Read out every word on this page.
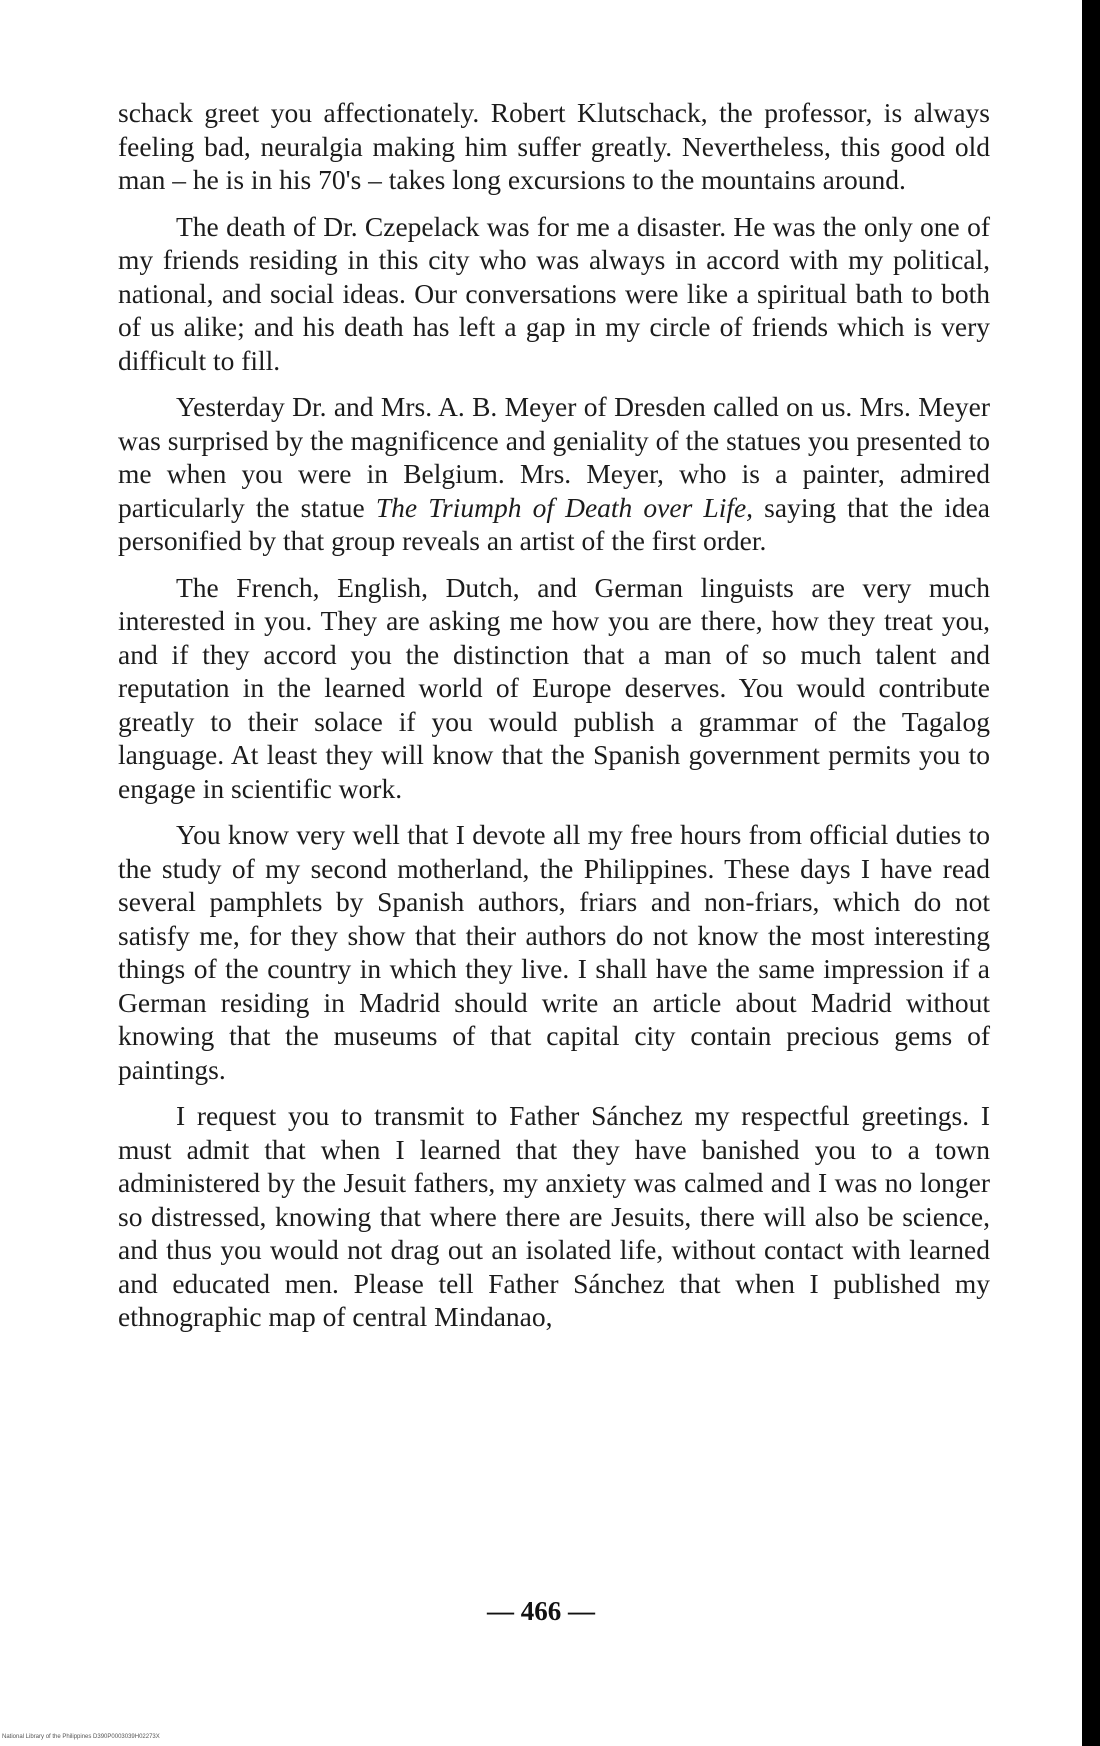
schack greet you affectionately. Robert Klutschack, the professor, is always feeling bad, neuralgia making him suffer greatly. Nevertheless, this good old man – he is in his 70's – takes long excursions to the mountains around.

The death of Dr. Czepelack was for me a disaster. He was the only one of my friends residing in this city who was always in accord with my political, national, and social ideas. Our conversations were like a spiritual bath to both of us alike; and his death has left a gap in my circle of friends which is very difficult to fill.

Yesterday Dr. and Mrs. A. B. Meyer of Dresden called on us. Mrs. Meyer was surprised by the magnificence and geniality of the statues you presented to me when you were in Belgium. Mrs. Meyer, who is a painter, admired particularly the statue The Triumph of Death over Life, saying that the idea personified by that group reveals an artist of the first order.

The French, English, Dutch, and German linguists are very much interested in you. They are asking me how you are there, how they treat you, and if they accord you the distinction that a man of so much talent and reputation in the learned world of Europe deserves. You would contribute greatly to their solace if you would publish a grammar of the Tagalog language. At least they will know that the Spanish government permits you to engage in scientific work.

You know very well that I devote all my free hours from official duties to the study of my second motherland, the Philippines. These days I have read several pamphlets by Spanish authors, friars and non-friars, which do not satisfy me, for they show that their authors do not know the most interesting things of the country in which they live. I shall have the same impression if a German residing in Madrid should write an article about Madrid without knowing that the museums of that capital city contain precious gems of paintings.

I request you to transmit to Father Sánchez my respectful greetings. I must admit that when I learned that they have banished you to a town administered by the Jesuit fathers, my anxiety was calmed and I was no longer so distressed, knowing that where there are Jesuits, there will also be science, and thus you would not drag out an isolated life, without contact with learned and educated men. Please tell Father Sánchez that when I published my ethnographic map of central Mindanao,

— 466 —
National Library of the Philippines D390P0003039H02273X
